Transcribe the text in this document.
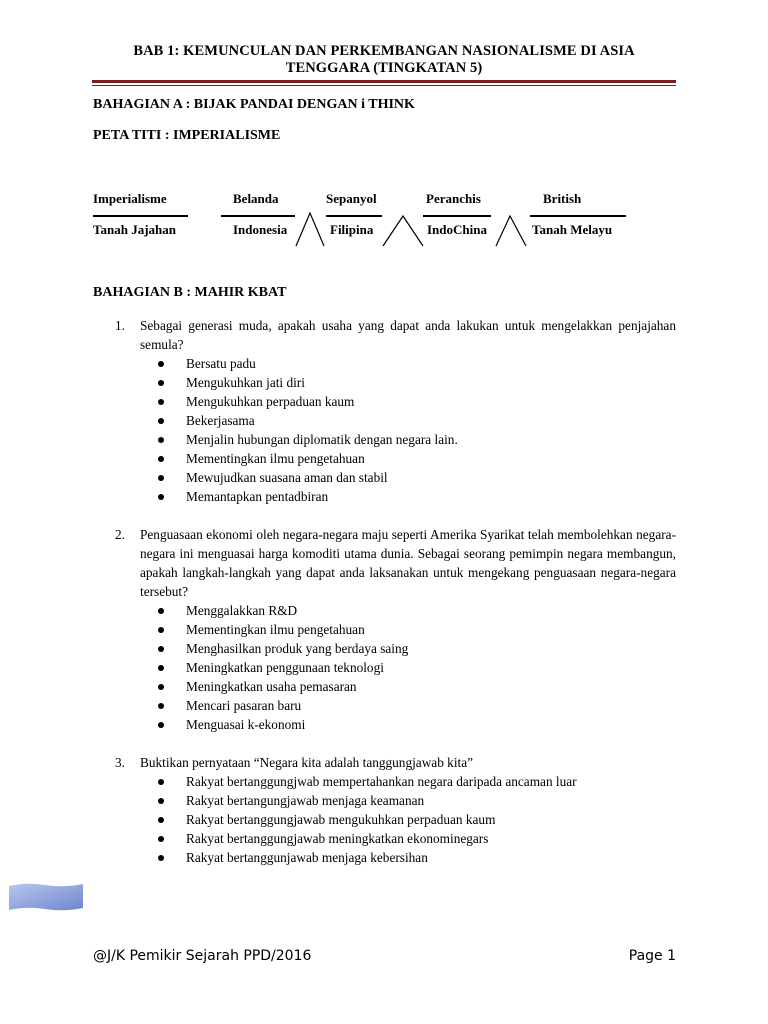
BAB 1: KEMUNCULAN DAN PERKEMBANGAN NASIONALISME DI ASIA
TENGGARA (TINGKATAN 5)
BAHAGIAN A : BIJAK PANDAI DENGAN i THINK
PETA TITI : IMPERIALISME
Imperialisme
Tanah Jajahan
Belanda
Indonesia
Sepanyol
Filipina
Peranchis
IndoChina
British
Tanah Melayu
BAHAGIAN B : MAHIR KBAT
1. Sebagai generasi muda, apakah usaha yang dapat anda lakukan untuk mengelakkan penjajahan semula?
Bersatu padu
Mengukuhkan jati diri
Mengukuhkan perpaduan kaum
Bekerjasama
Menjalin hubungan diplomatik dengan negara lain.
Mementingkan ilmu pengetahuan
Mewujudkan suasana aman dan stabil
Memantapkan pentadbiran
2. Penguasaan ekonomi oleh negara-negara maju seperti Amerika Syarikat telah membolehkan negara-negara ini menguasai harga komoditi utama dunia. Sebagai seorang pemimpin negara membangun, apakah langkah-langkah yang dapat anda laksanakan untuk mengekang penguasaan negara-negara tersebut?
Menggalakkan R&D
Mementingkan ilmu pengetahuan
Menghasilkan produk yang berdaya saing
Meningkatkan penggunaan teknologi
Meningkatkan usaha pemasaran
Mencari pasaran baru
Menguasai k-ekonomi
3. Buktikan pernyataan “Negara kita adalah tanggungjawab kita”
Rakyat bertanggungjwab mempertahankan negara daripada ancaman luar
Rakyat bertangungjawab menjaga keamanan
Rakyat bertanggungjawab mengukuhkan perpaduan kaum
Rakyat bertanggungjawab meningkatkan ekonominegars
Rakyat bertanggunjawab menjaga kebersihan
@J/K Pemikir Sejarah PPD/2016	Page 1
